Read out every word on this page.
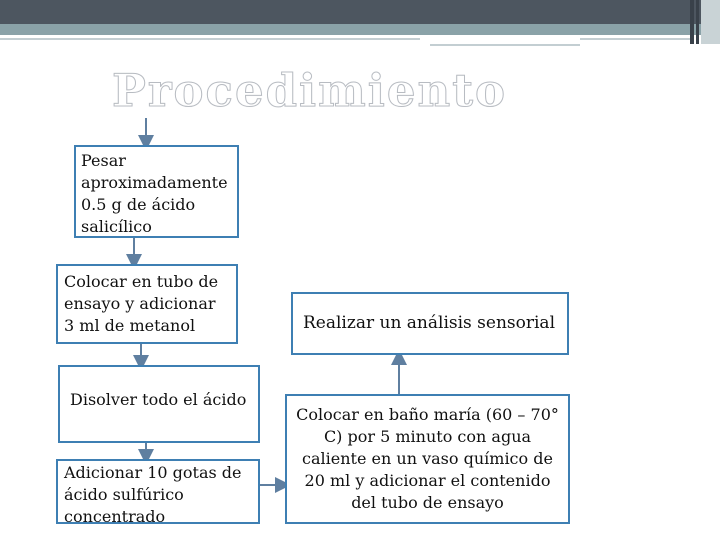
Procedimiento
Pesar aproximadamente 0.5 g de ácido salicílico
Colocar en tubo de ensayo y adicionar 3 ml de metanol
Disolver todo el ácido
Adicionar 10 gotas de ácido sulfúrico concentrado
Realizar un análisis sensorial
Colocar en baño maría (60 – 70° C) por 5 minuto con agua caliente en un vaso químico de 20 ml y adicionar el contenido del tubo de ensayo
